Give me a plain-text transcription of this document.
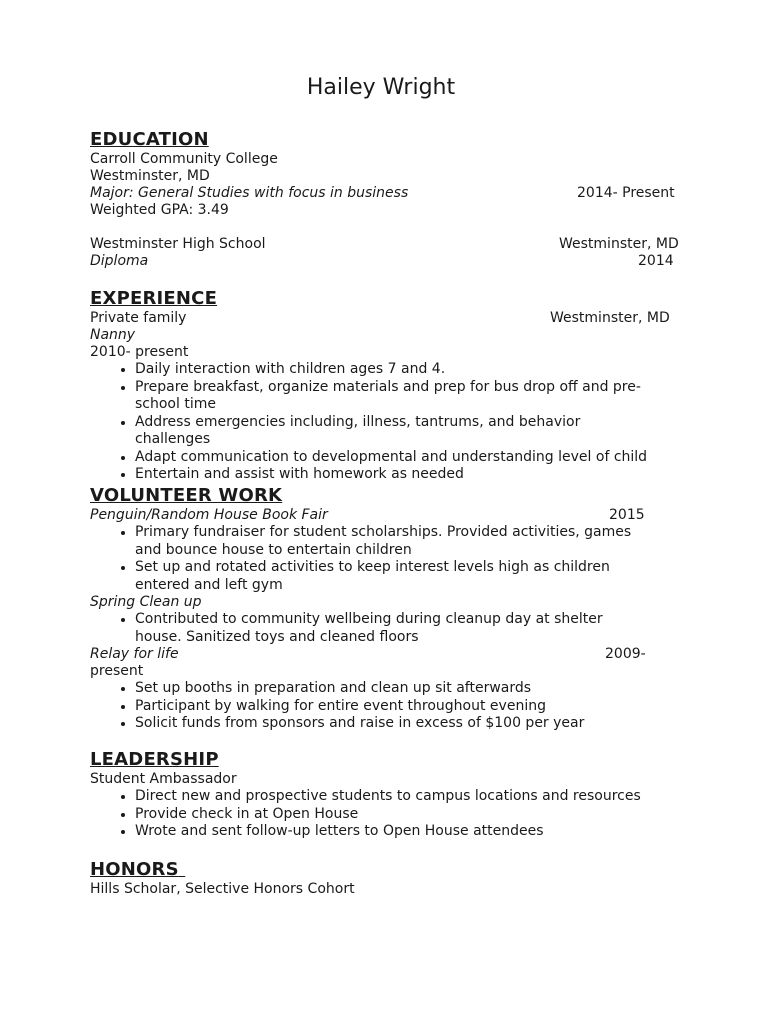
Hailey Wright
EDUCATION
Carroll Community College
Westminster, MD
Major: General Studies with focus in business	2014- Present
Weighted GPA: 3.49
Westminster High School	Westminster, MD
Diploma	2014
EXPERIENCE
Private family	Westminster, MD
Nanny
2010- present
• Daily interaction with children ages 7 and 4.
• Prepare breakfast, organize materials and prep for bus drop off and pre-school time
• Address emergencies including, illness, tantrums, and behavior challenges
• Adapt communication to developmental and understanding level of child
• Entertain and assist with homework as needed
VOLUNTEER WORK
Penguin/Random House Book Fair	2015
• Primary fundraiser for student scholarships. Provided activities, games and bounce house to entertain children
• Set up and rotated activities to keep interest levels high as children entered and left gym
Spring Clean up
• Contributed to community wellbeing during cleanup day at shelter house. Sanitized toys and cleaned floors
Relay for life	2009-
present
• Set up booths in preparation and clean up sit afterwards
• Participant by walking for entire event throughout evening
• Solicit funds from sponsors and raise in excess of $100 per year
LEADERSHIP
Student Ambassador
• Direct new and prospective students to campus locations and resources
• Provide check in at Open House
• Wrote and sent follow-up letters to Open House attendees
HONORS
Hills Scholar, Selective Honors Cohort
